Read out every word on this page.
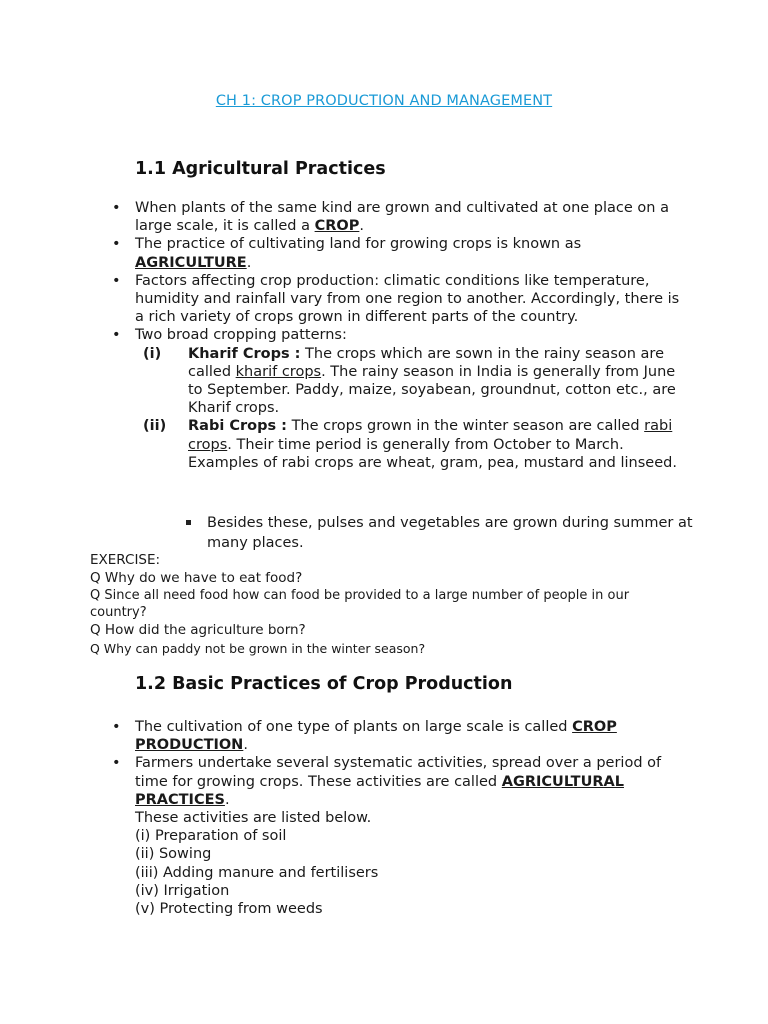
CH 1: CROP PRODUCTION AND MANAGEMENT
1.1 Agricultural Practices
• When plants of the same kind are grown and cultivated at one place on a large scale, it is called a CROP.
• The practice of cultivating land for growing crops is known as AGRICULTURE.
• Factors affecting crop production: climatic conditions like temperature, humidity and rainfall vary from one region to another. Accordingly, there is a rich variety of crops grown in different parts of the country.
• Two broad cropping patterns:
(i) Kharif Crops : The crops which are sown in the rainy season are called kharif crops. The rainy season in India is generally from June to September. Paddy, maize, soyabean, groundnut, cotton etc., are Kharif crops.
(ii) Rabi Crops : The crops grown in the winter season are called rabi crops. Their time period is generally from October to March. Examples of rabi crops are wheat, gram, pea, mustard and linseed.
Besides these, pulses and vegetables are grown during summer at many places.
EXERCISE:
Q Why do we have to eat food?
Q Since all need food how can food be provided to a large number of people in our country?
Q How did the agriculture born?
Q Why can paddy not be grown in the winter season?
1.2 Basic Practices of Crop Production
• The cultivation of one type of plants on large scale is called CROP PRODUCTION.
• Farmers undertake several systematic activities, spread over a period of time for growing crops. These activities are called AGRICULTURAL PRACTICES.
These activities are listed below.
(i) Preparation of soil
(ii) Sowing
(iii) Adding manure and fertilisers
(iv) Irrigation
(v) Protecting from weeds
